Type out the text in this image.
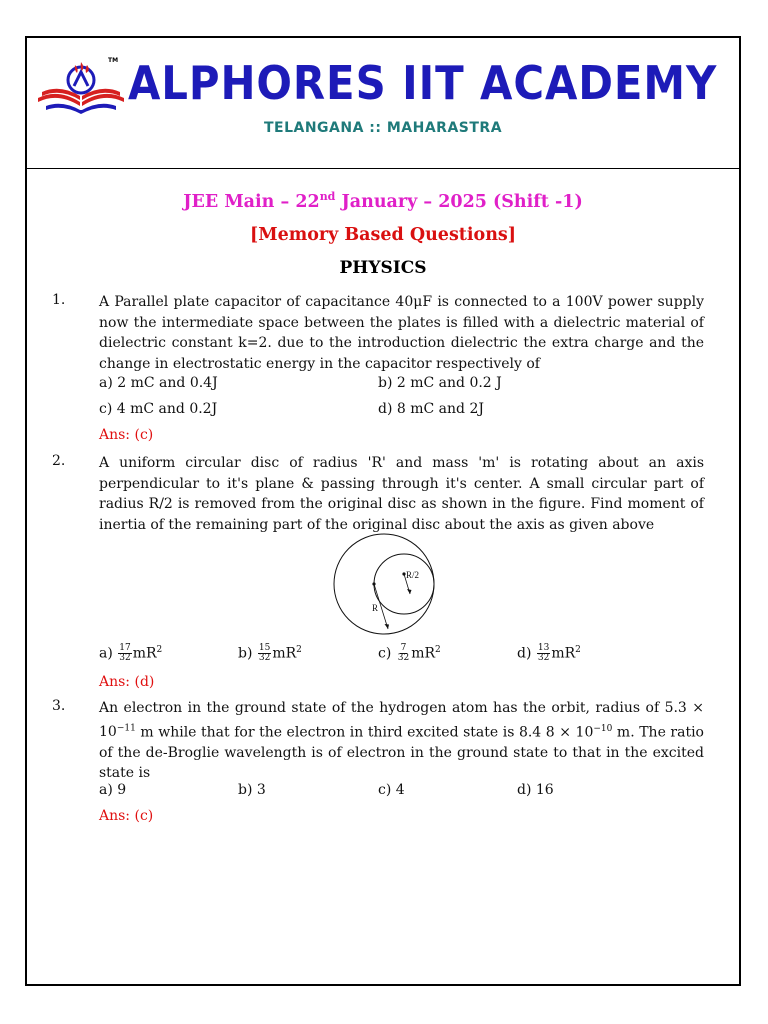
TM ALPHORES IIT ACADEMY
TELANGANA :: MAHARASTRA
JEE Main – 22nd January – 2025 (Shift -1)
[Memory Based Questions]
PHYSICS
1. A Parallel plate capacitor of capacitance 40μF is connected to a 100V power supply now the intermediate space between the plates is filled with a dielectric material of dielectric constant k=2. due to the introduction dielectric the extra charge and the change in electrostatic energy in the capacitor respectively of
a) 2 mC and 0.4J	b) 2 mC and 0.2 J
c) 4 mC and 0.2J	d) 8 mC and 2J
Ans: (c)
2. A uniform circular disc of radius 'R' and mass 'm' is rotating about an axis perpendicular to it's plane & passing through it's center. A small circular part of radius R/2 is removed from the original disc as shown in the figure. Find moment of inertia of the remaining part of the original disc about the axis as given above
R/2
R
$a) \frac{17}{32} mR^2$	$b) \frac{15}{32} mR^2$	$c) \frac{7}{32} mR^2$	$d) \frac{13}{32} mR^2$
Ans: (d)
3. An electron in the ground state of the hydrogen atom has the orbit, radius of $5.3 \times 10^{-11}$ m while that for the electron in third excited state is 8.4 $8 \times 10^{-10}$ m. The ratio of the de-Broglie wavelength is of electron in the ground state to that in the excited state is
a) 9	b) 3	c) 4	d) 16
Ans: (c)
